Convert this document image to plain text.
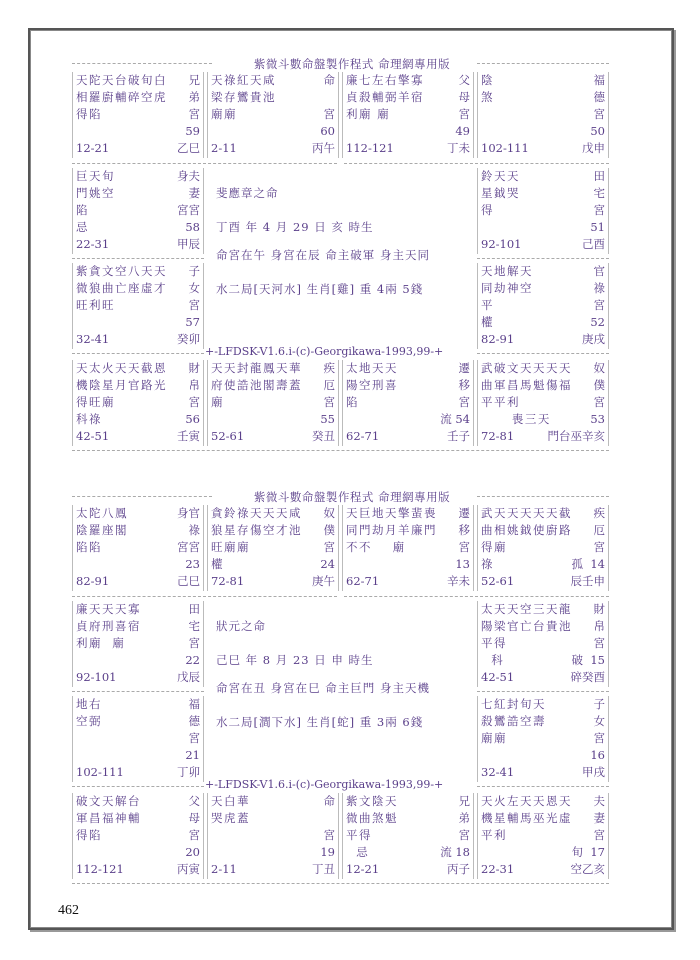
紫微斗數命盤製作程式 命理網專用版
天陀天台破旬白 兄
相羅廚輔碎空虎 弟
得陷	宮
59
12-21	乙巳
天祿紅天咸	命
梁存鸞貴池
廟廟	宮
60
2-11	丙午
廉七左右擎寡	父
貞殺輔弼羊宿	母
利廟 廟	宮
49
112-121	丁未
陰	福
煞	德
宮
50
102-111	戊申
巨天旬	身夫
門姚空	妻
陷	宮宮
忌	58
22-31	甲辰
鈴天天	田
星鉞哭	宅
得	宮
51
92-101	己酉
紫貪文空八天天 子
微狼曲亡座虛才 女
旺利旺	宮
57
32-41	癸卯
天地解天	官
同劫神空	祿
平	宮
權	52
82-91	庚戌
+-LFDSK-V1.6.i-(c)-Georgikawa-1993,99-+
斐應章之命
丁酉 年 4 月 29 日 亥 時生
命宮在午 身宮在辰 命主破軍 身主天同
水二局[天河水] 生肖[雞] 重 4兩 5錢
天太火天天截恩 財
機陰星月官路光 帛
得旺廟	宮
科祿	56
42-51	壬寅
天天封龍鳳天華 疾
府使誥池閣壽蓋 厄
廟	宮
55
52-61	癸丑
太地天天	遷
陽空刑喜	移
陷	宮
流 54
62-71	壬子
武破文天天天天 奴
曲軍昌馬魁傷福 僕
平平利	宮
喪三天	53
72-81	門台巫辛亥
紫微斗數命盤製作程式 命理網專用版
太陀八鳳	身官
陰羅座閣	祿
陷陷	宮宮
23
82-91	己巳
貪鈴祿天天天咸 奴
狼星存傷空才池 僕
旺廟廟	宮
權	24
72-81	庚午
天巨地天擎蜚喪 遷
同門劫月羊廉門 移
不不    廟	宮
13
62-71	辛未
武天天天天天截 疾
曲相姚鉞使廚路 厄
得廟	宮
祿	孤  14
52-61	辰壬申
廉天天天寡	田
貞府刑喜宿	宅
利廟  廟	宮
22
92-101	戊辰
太天天空三天龍 財
陽梁官亡台貴池 帛
平得	宮
科	破  15
42-51	碎癸酉
地右	福
空弼	德
宮
21
102-111	丁卯
七紅封旬天	子
殺鸞誥空壽	女
廟廟	宮
16
32-41	甲戌
+-LFDSK-V1.6.i-(c)-Georgikawa-1993,99-+
狀元之命
己巳 年 8 月 23 日 申 時生
命宮在丑 身宮在巳 命主巨門 身主天機
水二局[澗下水] 生肖[蛇] 重 3兩 6錢
破文天解台	父
軍昌福神輔	母
得陷	宮
20
112-121	丙寅
天白華	命
哭虎蓋
宮
19
2-11	丁丑
紫文陰天	兄
微曲煞魁	弟
平得	宮
忌	流 18
12-21	丙子
天火左天天恩天 夫
機星輔馬巫光虛 妻
平利	宮
旬  17
22-31	空乙亥
462
